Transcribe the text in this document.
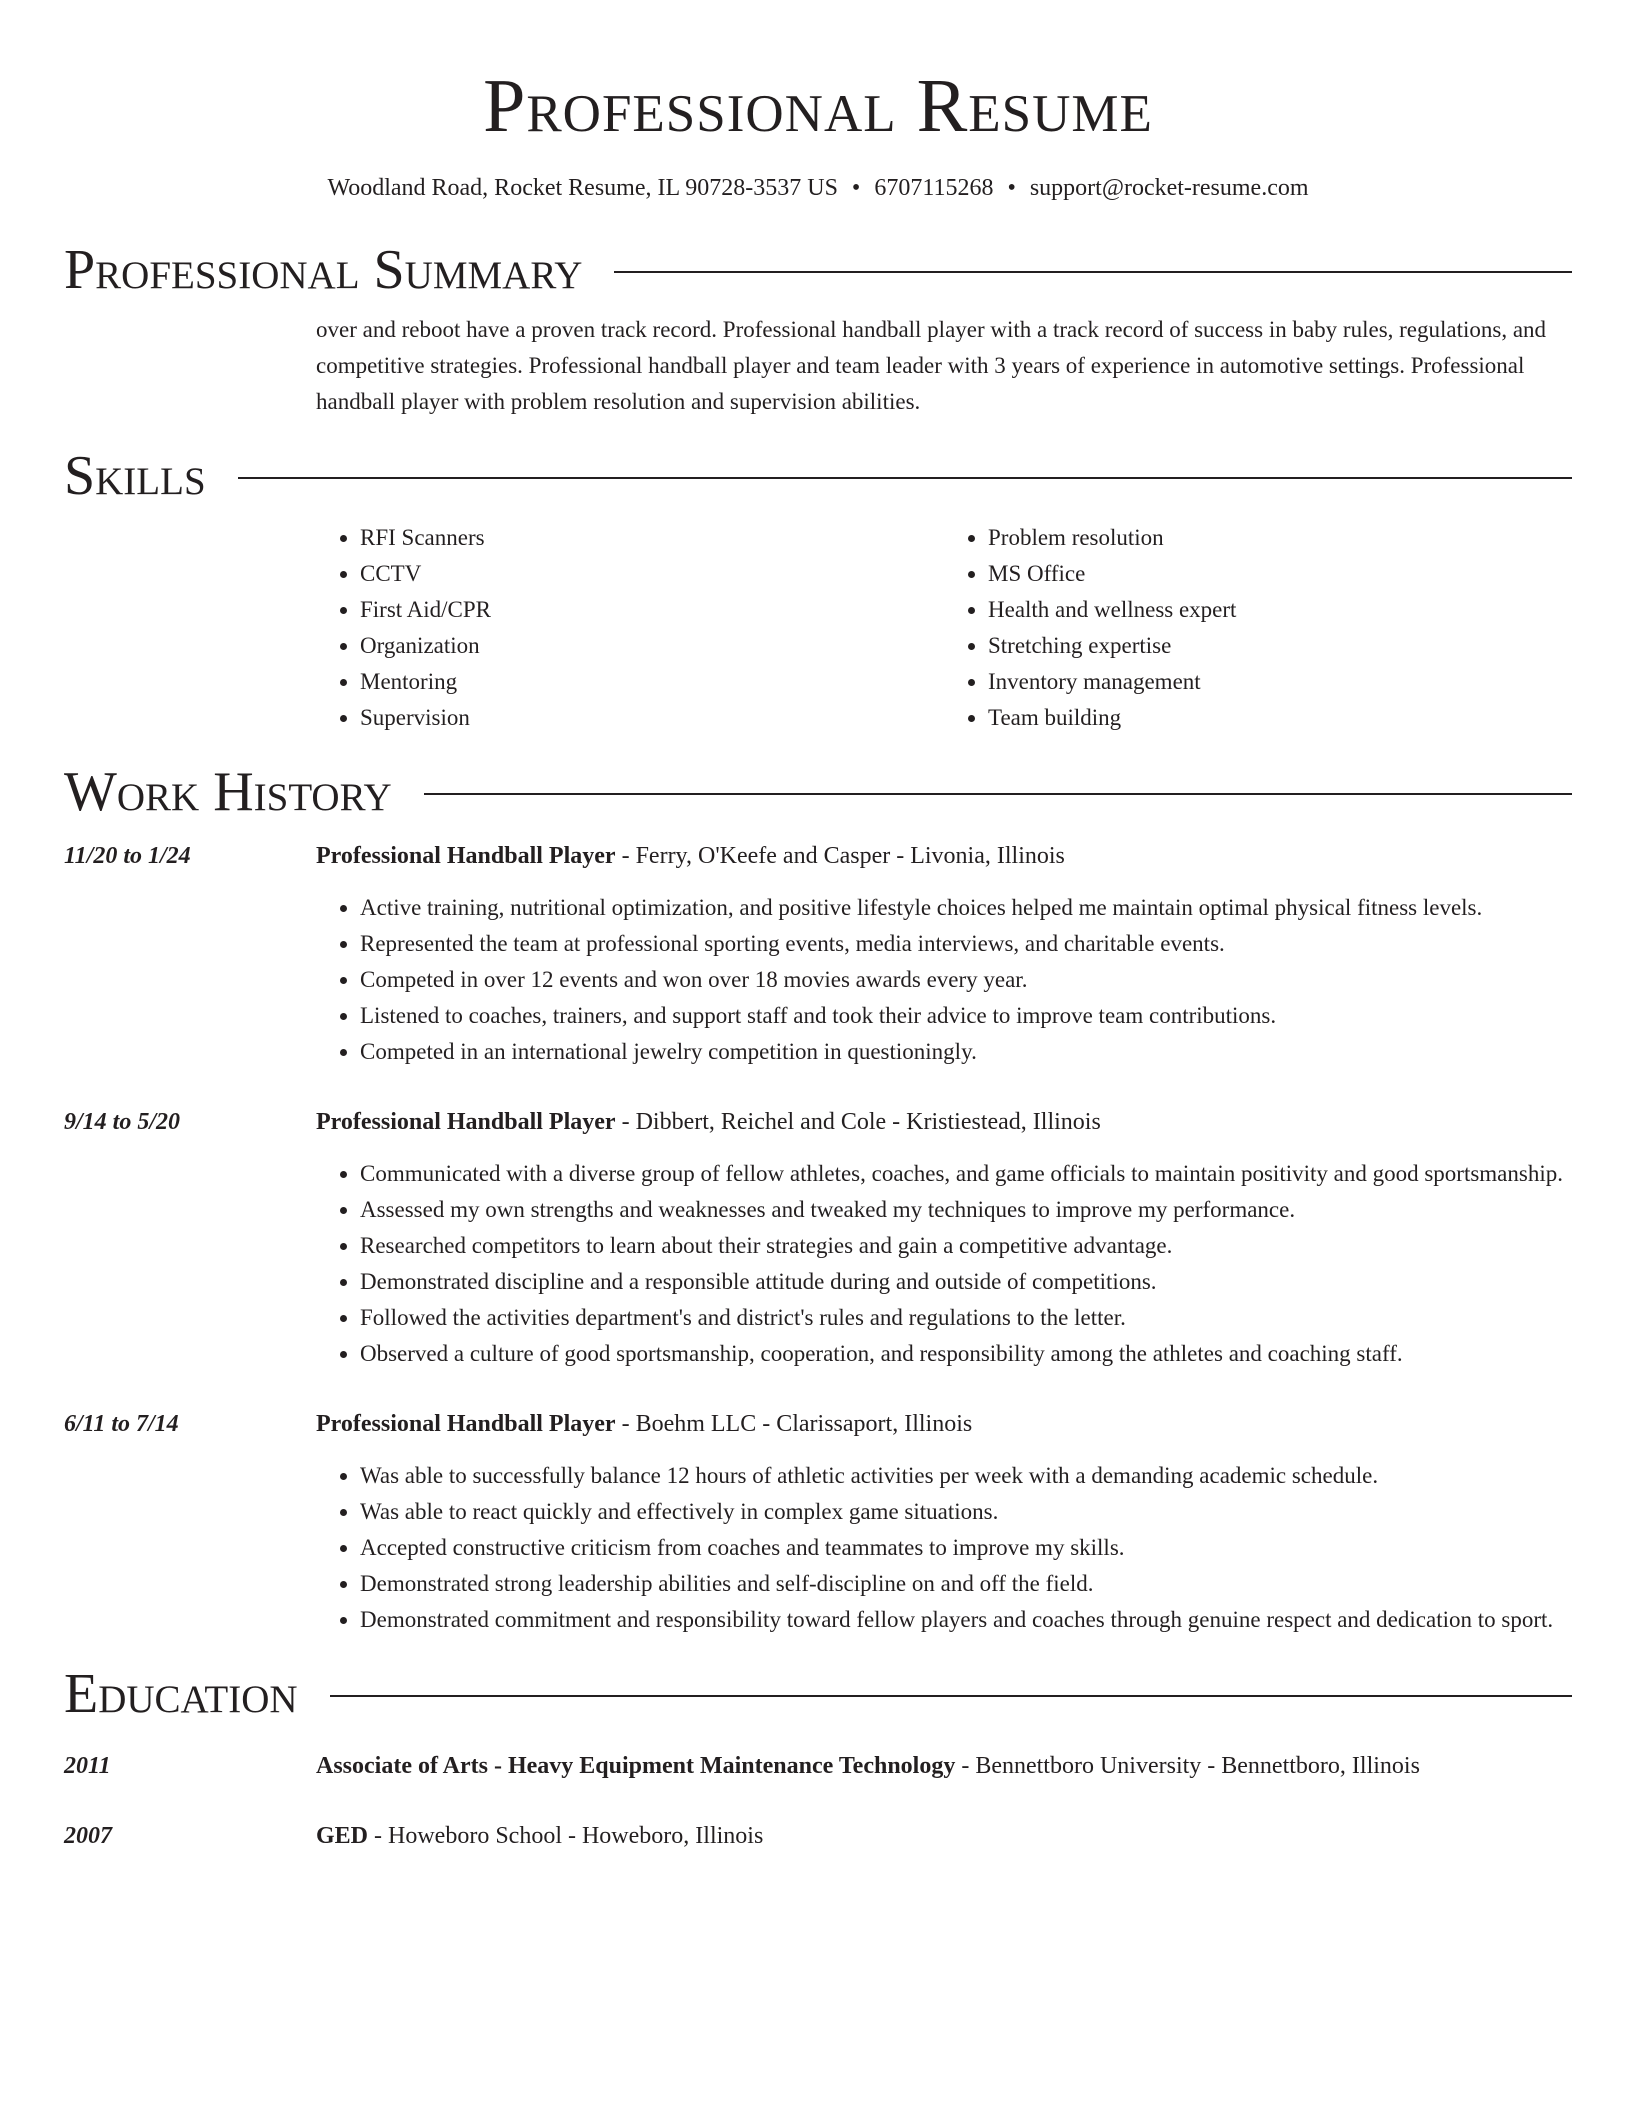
Professional Resume
Woodland Road, Rocket Resume, IL 90728-3537 US • 6707115268 • support@rocket-resume.com
Professional Summary
over and reboot have a proven track record. Professional handball player with a track record of success in baby rules, regulations, and competitive strategies. Professional handball player and team leader with 3 years of experience in automotive settings. Professional handball player with problem resolution and supervision abilities.
Skills
• RFI Scanners
• CCTV
• First Aid/CPR
• Organization
• Mentoring
• Supervision
• Problem resolution
• MS Office
• Health and wellness expert
• Stretching expertise
• Inventory management
• Team building
Work History
11/20 to 1/24	Professional Handball Player - Ferry, O'Keefe and Casper - Livonia, Illinois
• Active training, nutritional optimization, and positive lifestyle choices helped me maintain optimal physical fitness levels.
• Represented the team at professional sporting events, media interviews, and charitable events.
• Competed in over 12 events and won over 18 movies awards every year.
• Listened to coaches, trainers, and support staff and took their advice to improve team contributions.
• Competed in an international jewelry competition in questioningly.
9/14 to 5/20	Professional Handball Player - Dibbert, Reichel and Cole - Kristiestead, Illinois
• Communicated with a diverse group of fellow athletes, coaches, and game officials to maintain positivity and good sportsmanship.
• Assessed my own strengths and weaknesses and tweaked my techniques to improve my performance.
• Researched competitors to learn about their strategies and gain a competitive advantage.
• Demonstrated discipline and a responsible attitude during and outside of competitions.
• Followed the activities department's and district's rules and regulations to the letter.
• Observed a culture of good sportsmanship, cooperation, and responsibility among the athletes and coaching staff.
6/11 to 7/14	Professional Handball Player - Boehm LLC - Clarissaport, Illinois
• Was able to successfully balance 12 hours of athletic activities per week with a demanding academic schedule.
• Was able to react quickly and effectively in complex game situations.
• Accepted constructive criticism from coaches and teammates to improve my skills.
• Demonstrated strong leadership abilities and self-discipline on and off the field.
• Demonstrated commitment and responsibility toward fellow players and coaches through genuine respect and dedication to sport.
Education
2011	Associate of Arts - Heavy Equipment Maintenance Technology - Bennettboro University - Bennettboro, Illinois
2007	GED - Howeboro School - Howeboro, Illinois
